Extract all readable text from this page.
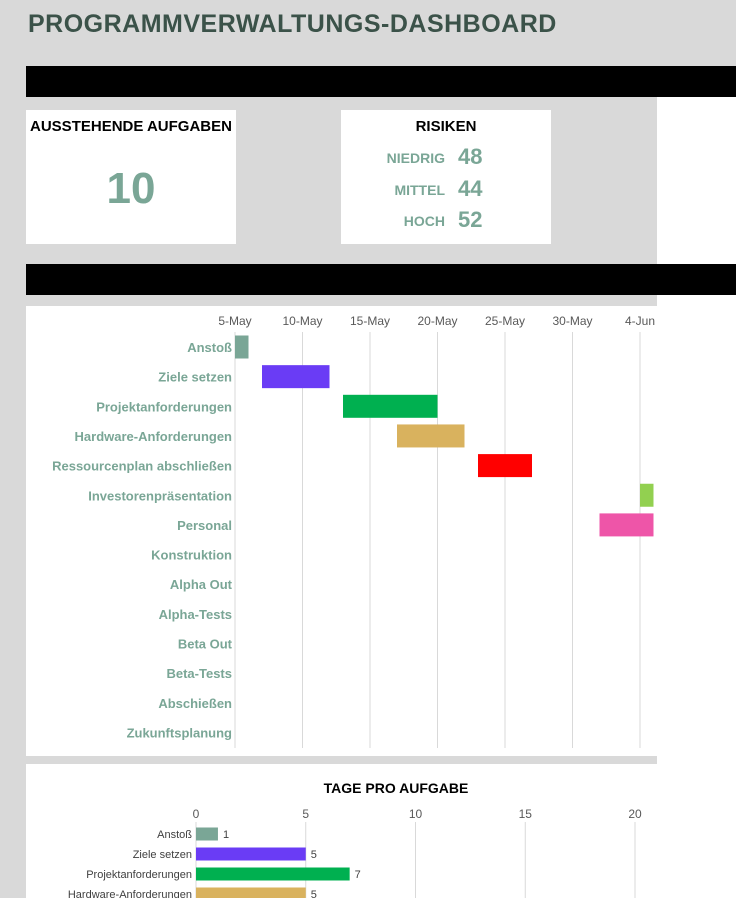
PROGRAMMVERWALTUNGS-DASHBOARD
AUSSTEHENDE AUFGABEN
10
RISIKEN
NIEDRIG 48
MITTEL 44
HOCH 52
5-May	10-May 15-May 20-May 25-May 30-May	4-Jun
Anstoß
Ziele setzen
Projektanforderungen
Hardware-Anforderungen
Ressourcenplan abschließen
Investorenpräsentation
Personal
Konstruktion
Alpha Out
Alpha-Tests
Beta Out
Beta-Tests
Abschießen
Zukunftsplanung
TAGE PRO AUFGABE
0	5	10	15	20
Anstoß	1
Ziele setzen	5
Projektanforderungen	7
Hardware-Anforderungen	5
